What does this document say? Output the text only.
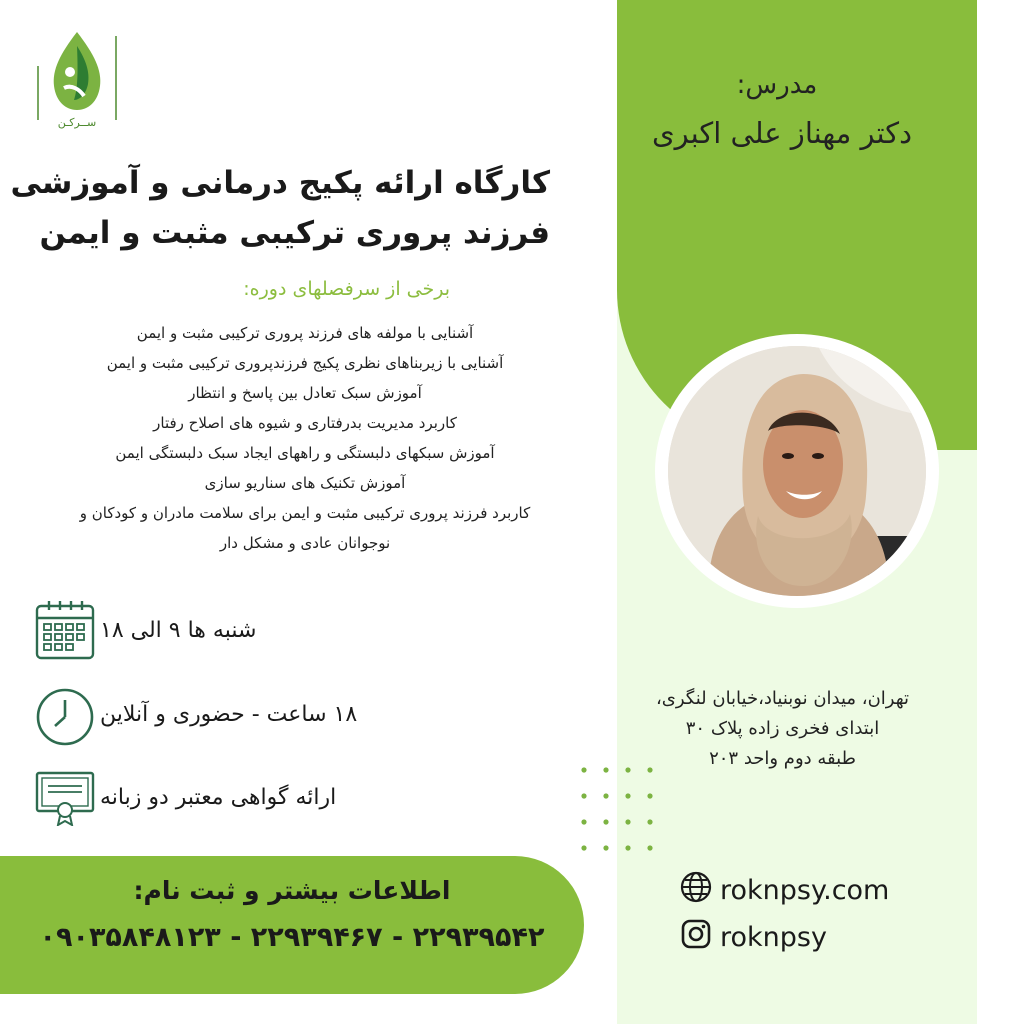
مدرس:
دکتر مهناز علی اکبری
تهران، میدان نوبنیاد،خیابان لنگری،
ابتدای فخری زاده پلاک ۳۰
طبقه دوم واحد ۲۰۳
roknpsy.com
roknpsy
ســرکـن
کارگاه ارائه پکیج درمانی و آموزشی
فرزند پروری ترکیبی مثبت و ایمن
برخی از سرفصلهای دوره:
آشنایی با مولفه های فرزند پروری ترکیبی مثبت و ایمن
آشنایی با زیربناهای نظری پکیج فرزندپروری ترکیبی مثبت و ایمن
آموزش سبک تعادل بین پاسخ و انتظار
کاربرد مدیریت بدرفتاری و شیوه های اصلاح رفتار
آموزش سبکهای دلبستگی و راههای ایجاد سبک دلبستگی ایمن
آموزش تکنیک های سناریو سازی
کاربرد فرزند پروری ترکیبی مثبت و ایمن برای سلامت مادران و کودکان و
نوجوانان عادی و مشکل دار
شنبه ها ۹ الی ۱۸
۱۸ ساعت - حضوری و آنلاین
ارائه گواهی معتبر دو زبانه
اطلاعات بیشتر و ثبت نام:
۰۹۰۳۵۸۴۸۱۲۳ - ۲۲۹۳۹۴۶۷ - ۲۲۹۳۹۵۴۲
